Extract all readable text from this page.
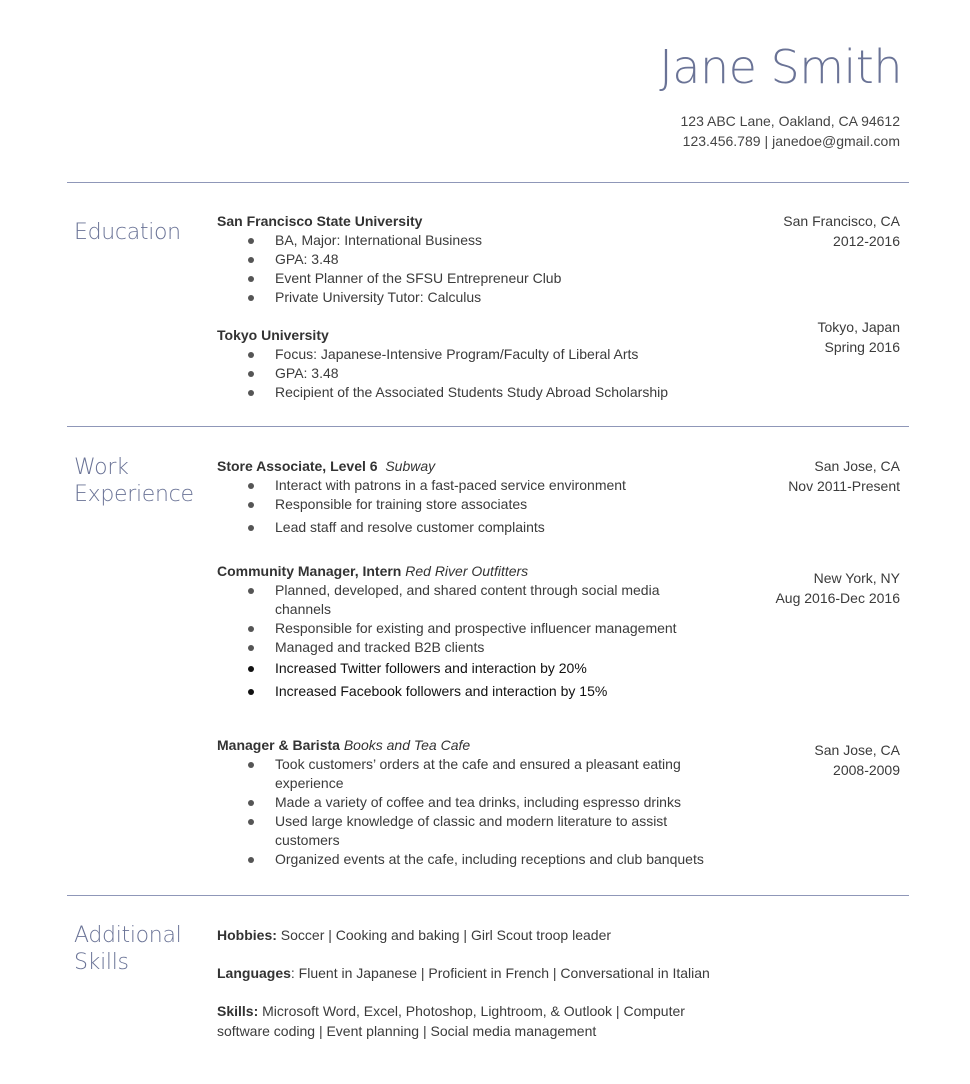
Jane Smith
123 ABC Lane, Oakland, CA 94612
123.456.789 | janedoe@gmail.com
Education	San Francisco State University
BA, Major: International Business
GPA: 3.48
Event Planner of the SFSU Entrepreneur Club
Private University Tutor: Calculus
San Francisco, CA
2012-2016
Tokyo University
Focus: Japanese-Intensive Program/Faculty of Liberal Arts
GPA: 3.48
Recipient of the Associated Students Study Abroad Scholarship
Tokyo, Japan
Spring 2016
Work
Experience
Store Associate, Level 6 Subway
Interact with patrons in a fast-paced service environment
Responsible for training store associates
Lead staff and resolve customer complaints
San Jose, CA
Nov 2011-Present
Community Manager, Intern Red River Outfitters
Planned, developed, and shared content through social media channels
Responsible for existing and prospective influencer management
Managed and tracked B2B clients
Increased Twitter followers and interaction by 20%
Increased Facebook followers and interaction by 15%
New York, NY
Aug 2016-Dec 2016
Manager & Barista Books and Tea Cafe
Took customers’ orders at the cafe and ensured a pleasant eating experience
Made a variety of coffee and tea drinks, including espresso drinks
Used large knowledge of classic and modern literature to assist customers
Organized events at the cafe, including receptions and club banquets
San Jose, CA
2008-2009
Additional
Skills
Hobbies: Soccer | Cooking and baking | Girl Scout troop leader
Languages: Fluent in Japanese | Proficient in French | Conversational in Italian
Skills: Microsoft Word, Excel, Photoshop, Lightroom, & Outlook | Computer software coding | Event planning | Social media management
